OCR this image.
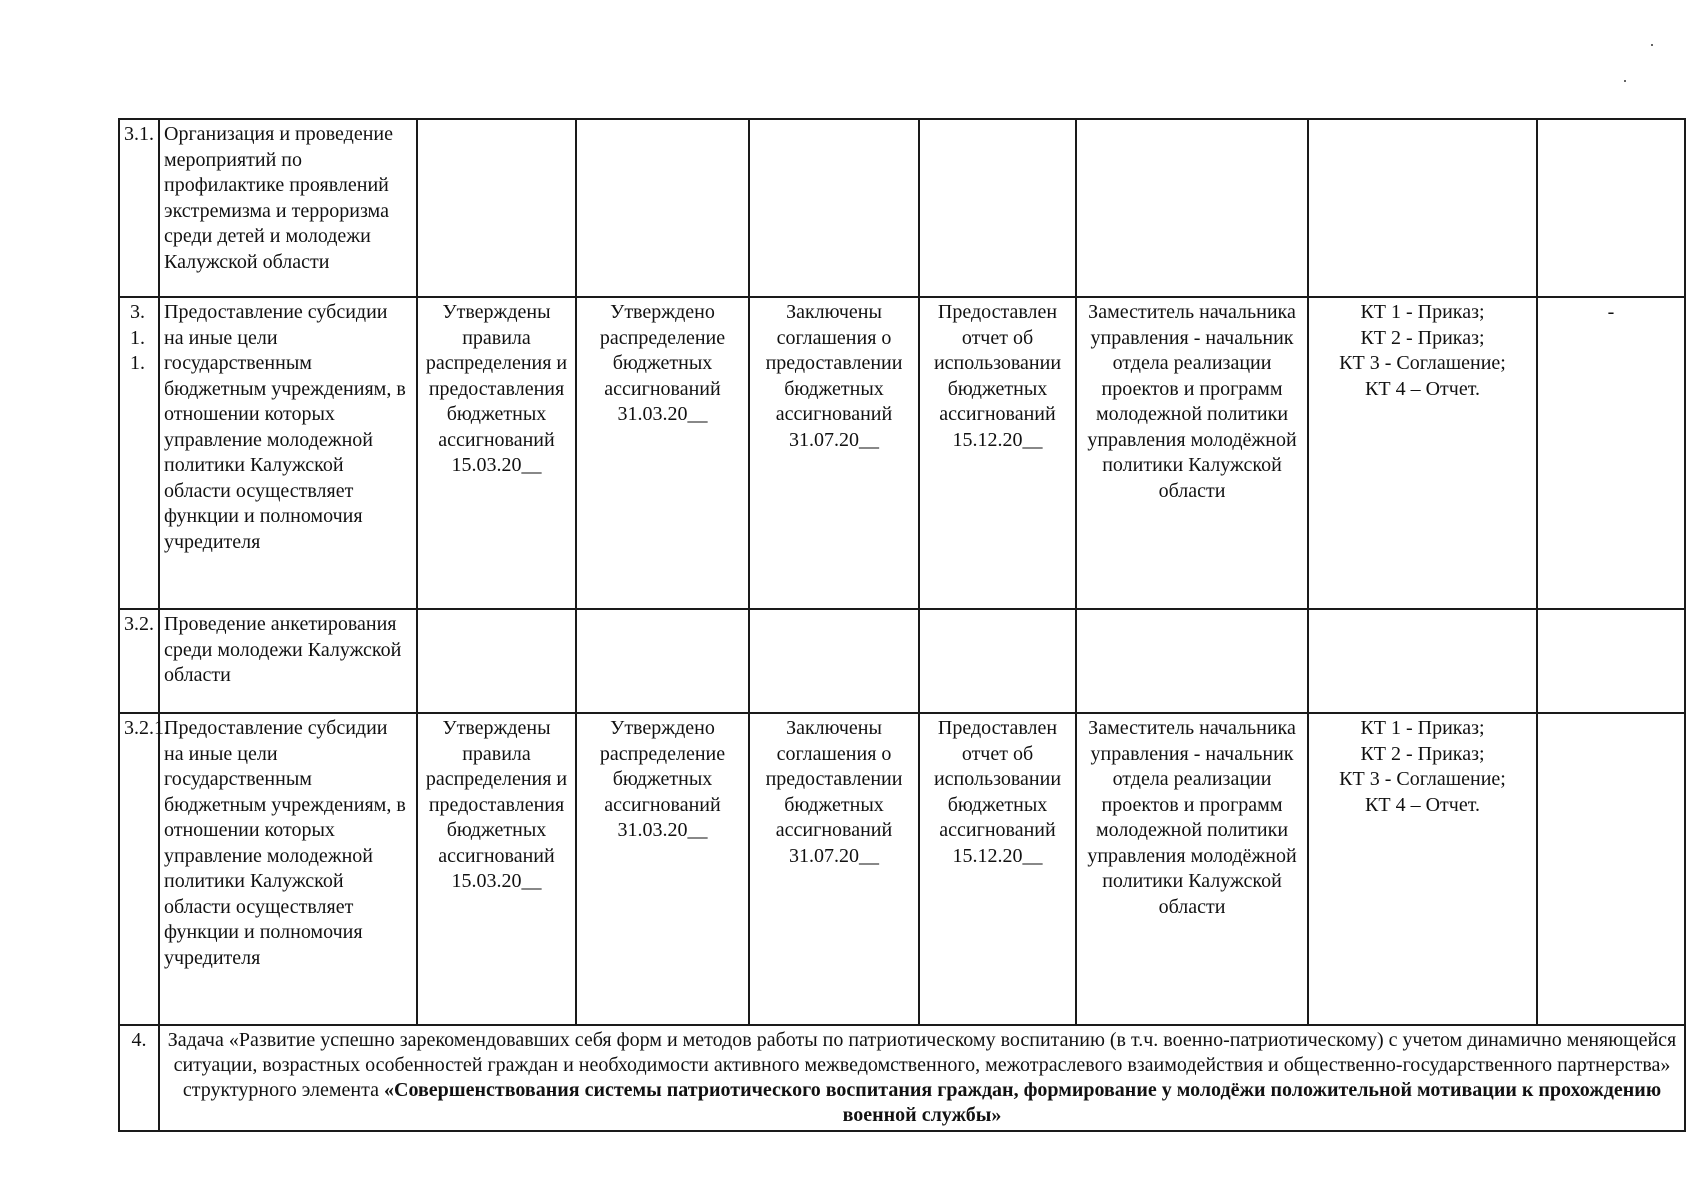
3.1.	Организация и проведение мероприятий по профилактике проявлений экстремизма и терроризма среди детей и молодежи Калужской области							

3.1.1.	Предоставление субсидии на иные цели государственным бюджетным учреждениям, в отношении которых управление молодежной политики Калужской области осуществляет функции и полномочия учредителя	Утверждены правила распределения и предоставления бюджетных ассигнований 15.03.20__	Утверждено распределение бюджетных ассигнований 31.03.20__	Заключены соглашения о предоставлении бюджетных ассигнований 31.07.20__	Предоставлен отчет об использовании бюджетных ассигнований 15.12.20__	Заместитель начальника управления - начальник отдела реализации проектов и программ молодежной политики управления молодёжной политики Калужской области	КТ 1 - Приказ;
КТ 2 - Приказ;
КТ 3 - Соглашение;
КТ 4 – Отчет.	-
3.2.	Проведение анкетирования среди молодежи Калужской области							
3.2.1.	Предоставление субсидии на иные цели государственным бюджетным учреждениям, в отношении которых управление молодежной политики Калужской области осуществляет функции и полномочия учредителя	Утверждены правила распределения и предоставления бюджетных ассигнований 15.03.20__	Утверждено распределение бюджетных ассигнований 31.03.20__	Заключены соглашения о предоставлении бюджетных ассигнований 31.07.20__	Предоставлен отчет об использовании бюджетных ассигнований 15.12.20__	Заместитель начальника управления - начальник отдела реализации проектов и программ молодежной политики управления молодёжной политики Калужской области	КТ 1 - Приказ;
КТ 2 - Приказ;
КТ 3 - Соглашение;
КТ 4 – Отчет.	

4.	Задача «Развитие успешно зарекомендовавших себя форм и методов работы по патриотическому воспитанию (в т.ч. военно-патриотическому) с учетом динамично меняющейся ситуации, возрастных особенностей граждан и необходимости активного межведомственного, межотраслевого взаимодействия и общественно-государственного партнерства» структурного элемента «Совершенствования системы патриотического воспитания граждан, формирование у молодёжи положительной мотивации к прохождению военной службы»							
